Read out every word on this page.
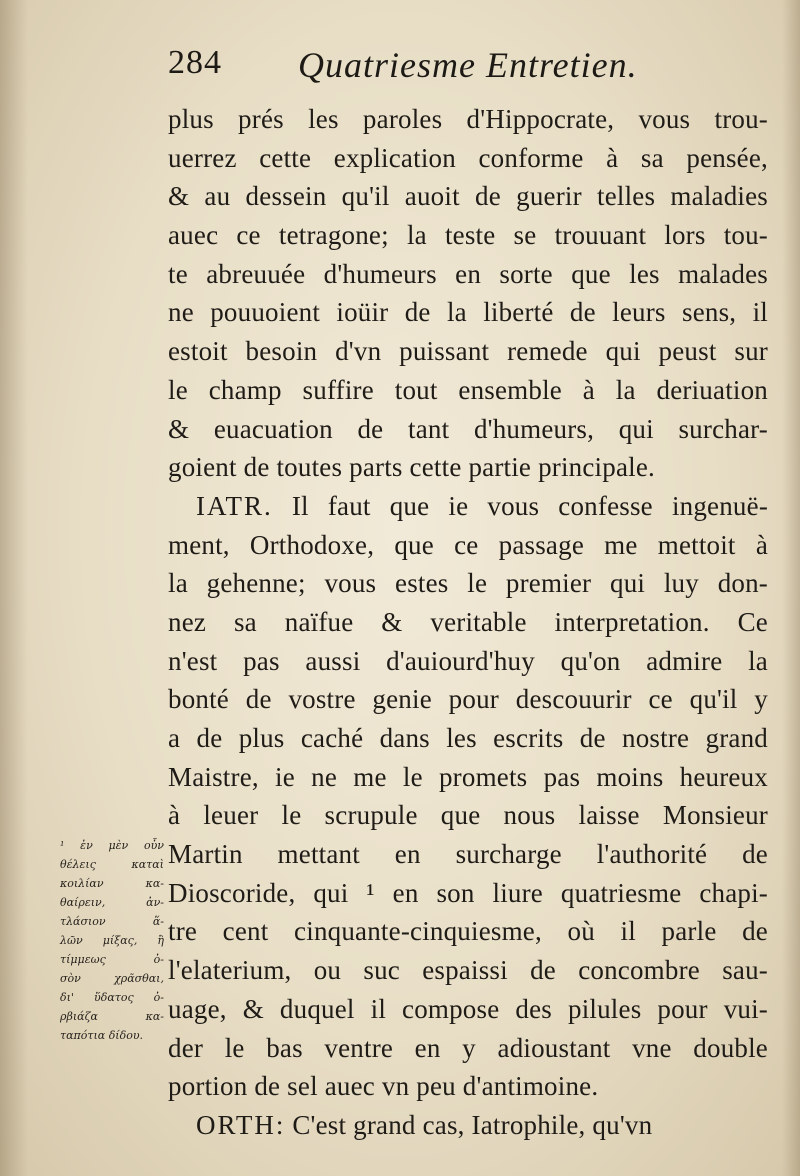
284 Quatriesme Entretien.
plus prés les paroles d'Hippocrate, vous trou-
uerrez cette explication conforme à sa pensée,
& au dessein qu'il auoit de guerir telles maladies
auec ce tetragone; la teste se trouuant lors tou-
te abreuuée d'humeurs en sorte que les malades
ne pouuoient ioüir de la liberté de leurs sens, il
estoit besoin d'vn puissant remede qui peust sur
le champ suffire tout ensemble à la deriuation
& euacuation de tant d'humeurs, qui surchar-
goient de toutes parts cette partie principale.
IATR. Il faut que ie vous confesse ingenuë-
ment, Orthodoxe, que ce passage me mettoit à
la gehenne; vous estes le premier qui luy don-
nez sa naïfue & veritable interpretation. Ce
n'est pas aussi d'auiourd'huy qu'on admire la
bonté de vostre genie pour descouurir ce qu'il y
a de plus caché dans les escrits de nostre grand
Maistre, ie ne me le promets pas moins heureux
à leuer le scrupule que nous laisse Monsieur
Martin mettant en surcharge l'authorité de
Dioscoride, qui ¹ en son liure quatriesme chapi-
tre cent cinquante-cinquiesme, où il parle de
l'elaterium, ou suc espaissi de concombre sau-
uage, & duquel il compose des pilules pour vui-
der le bas ventre en y adioustant vne double
portion de sel auec vn peu d'antimoine.
ORTH: C'est grand cas, Iatrophile, qu'vn
¹ ἐν μὲν οὖν
θέλεις καταὶ
κοιλίαν κα-
θαίρειν, ἀν-
τλάσιον ἅ-
λῶν μίξας, ἢ
τίμμεως ὀ-
σὸν χρᾶσθαι,
δι' ὕδατος ὀ-
ρβιάζα κα-
ταπότια δίδου.
